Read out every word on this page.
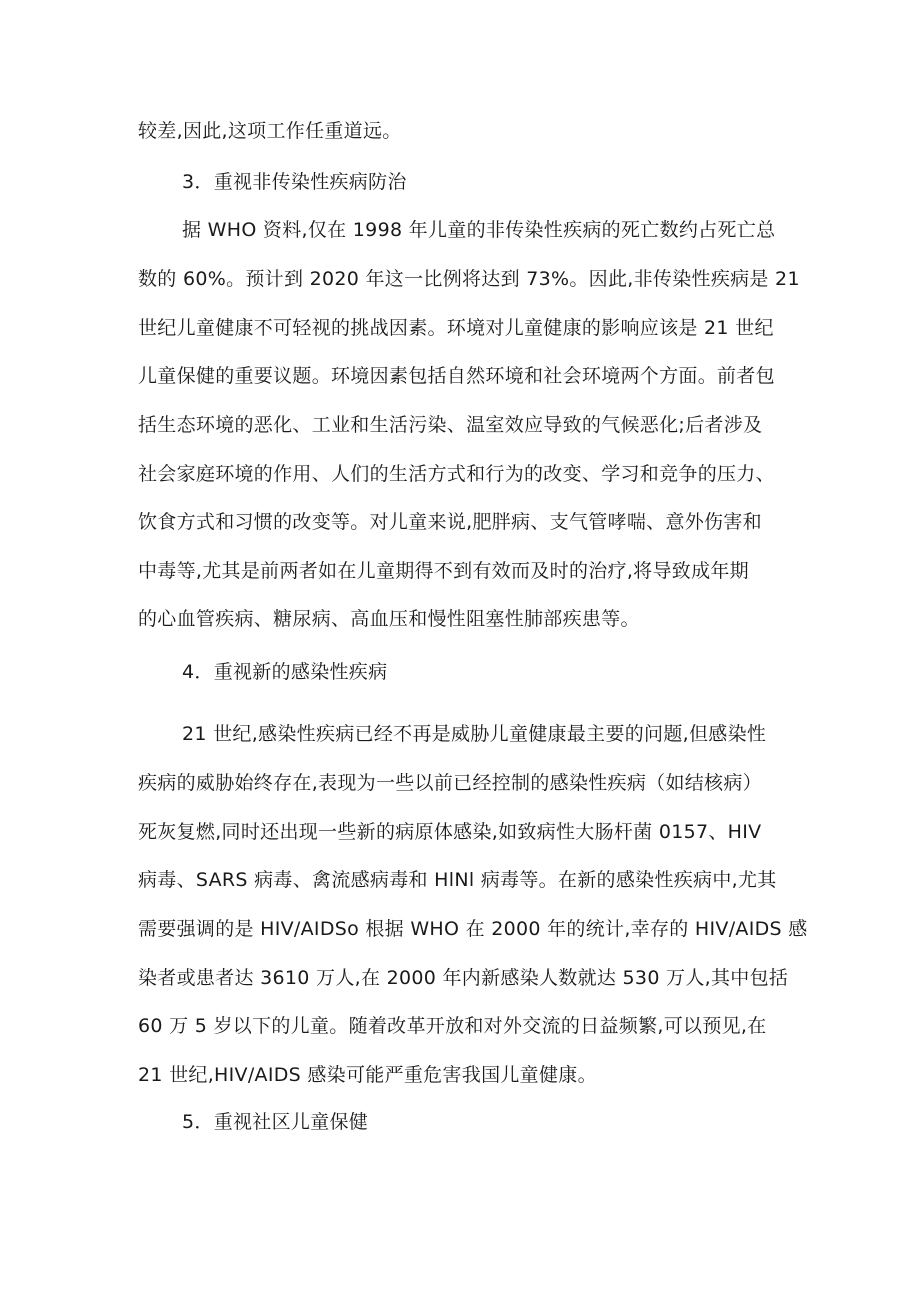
较差,因此,这项工作任重道远。
3．重视非传染性疾病防治
据 WHO 资料,仅在 1998 年儿童的非传染性疾病的死亡数约占死亡总
数的 60%。预计到 2020 年这一比例将达到 73%。因此,非传染性疾病是 21
世纪儿童健康不可轻视的挑战因素。环境对儿童健康的影响应该是 21 世纪
儿童保健的重要议题。环境因素包括自然环境和社会环境两个方面。前者包
括生态环境的恶化、工业和生活污染、温室效应导致的气候恶化;后者涉及
社会家庭环境的作用、人们的生活方式和行为的改变、学习和竞争的压力、
饮食方式和习惯的改变等。对儿童来说,肥胖病、支气管哮喘、意外伤害和
中毒等,尤其是前两者如在儿童期得不到有效而及时的治疗,将导致成年期
的心血管疾病、糖尿病、高血压和慢性阻塞性肺部疾患等。
4．重视新的感染性疾病
21 世纪,感染性疾病已经不再是威胁儿童健康最主要的问题,但感染性
疾病的威胁始终存在,表现为一些以前已经控制的感染性疾病（如结核病）
死灰复燃,同时还出现一些新的病原体感染,如致病性大肠杆菌 0157、HIV
病毒、SARS 病毒、禽流感病毒和 HlNl 病毒等。在新的感染性疾病中,尤其
需要强调的是 HIV/AIDSo 根据 WHO 在 2000 年的统计,幸存的 HIV/AIDS 感
染者或患者达 3610 万人,在 2000 年内新感染人数就达 530 万人,其中包括
60 万 5 岁以下的儿童。随着改革开放和对外交流的日益频繁,可以预见,在
21 世纪,HIV/AIDS 感染可能严重危害我国儿童健康。
5．重视社区儿童保健
